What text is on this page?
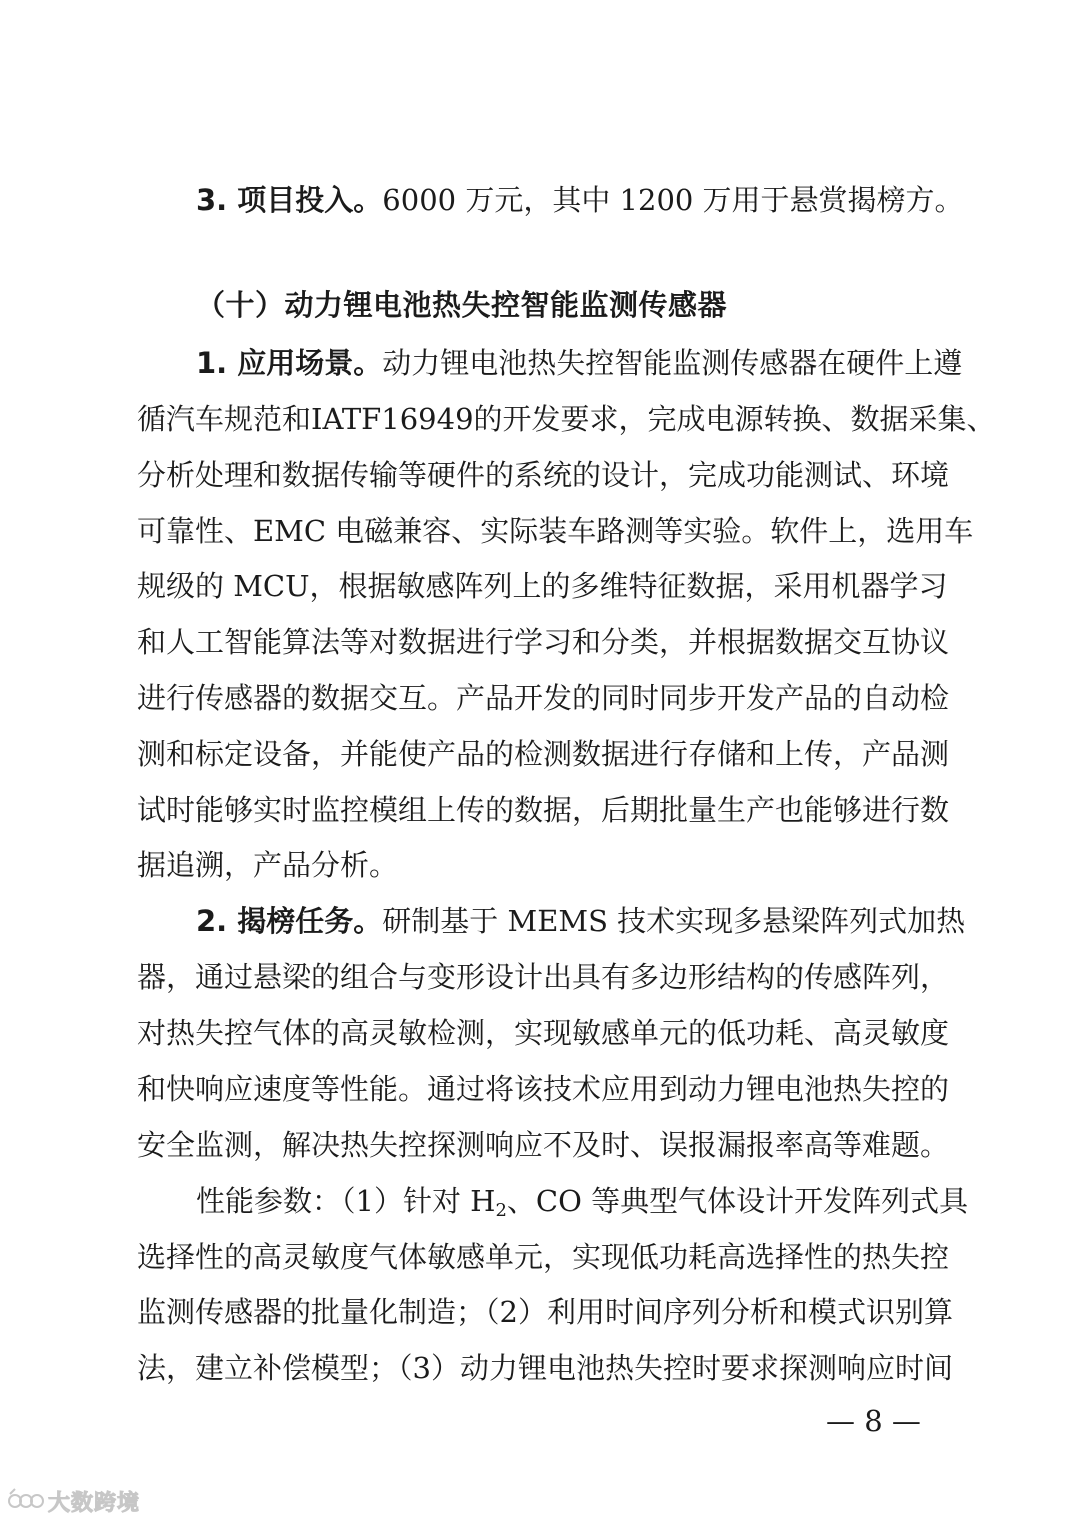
3. 项目投入。6000 万元，其中 1200 万用于悬赏揭榜方。
（十）动力锂电池热失控智能监测传感器
1. 应用场景。动力锂电池热失控智能监测传感器在硬件上遵
循汽车规范和IATF16949的开发要求，完成电源转换、数据采集、
分析处理和数据传输等硬件的系统的设计，完成功能测试、环境
可靠性、EMC 电磁兼容、实际装车路测等实验。软件上，选用车
规级的 MCU，根据敏感阵列上的多维特征数据，采用机器学习
和人工智能算法等对数据进行学习和分类，并根据数据交互协议
进行传感器的数据交互。产品开发的同时同步开发产品的自动检
测和标定设备，并能使产品的检测数据进行存储和上传，产品测
试时能够实时监控模组上传的数据，后期批量生产也能够进行数
据追溯，产品分析。
2. 揭榜任务。研制基于 MEMS 技术实现多悬梁阵列式加热
器，通过悬梁的组合与变形设计出具有多边形结构的传感阵列，
对热失控气体的高灵敏检测，实现敏感单元的低功耗、高灵敏度
和快响应速度等性能。通过将该技术应用到动力锂电池热失控的
安全监测，解决热失控探测响应不及时、误报漏报率高等难题。
性能参数：（1）针对 $H_2$、CO 等典型气体设计开发阵列式具
选择性的高灵敏度气体敏感单元，实现低功耗高选择性的热失控
监测传感器的批量化制造；（2）利用时间序列分析和模式识别算
法，建立补偿模型；（3）动力锂电池热失控时要求探测响应时间
— 8 —
大数跨境
